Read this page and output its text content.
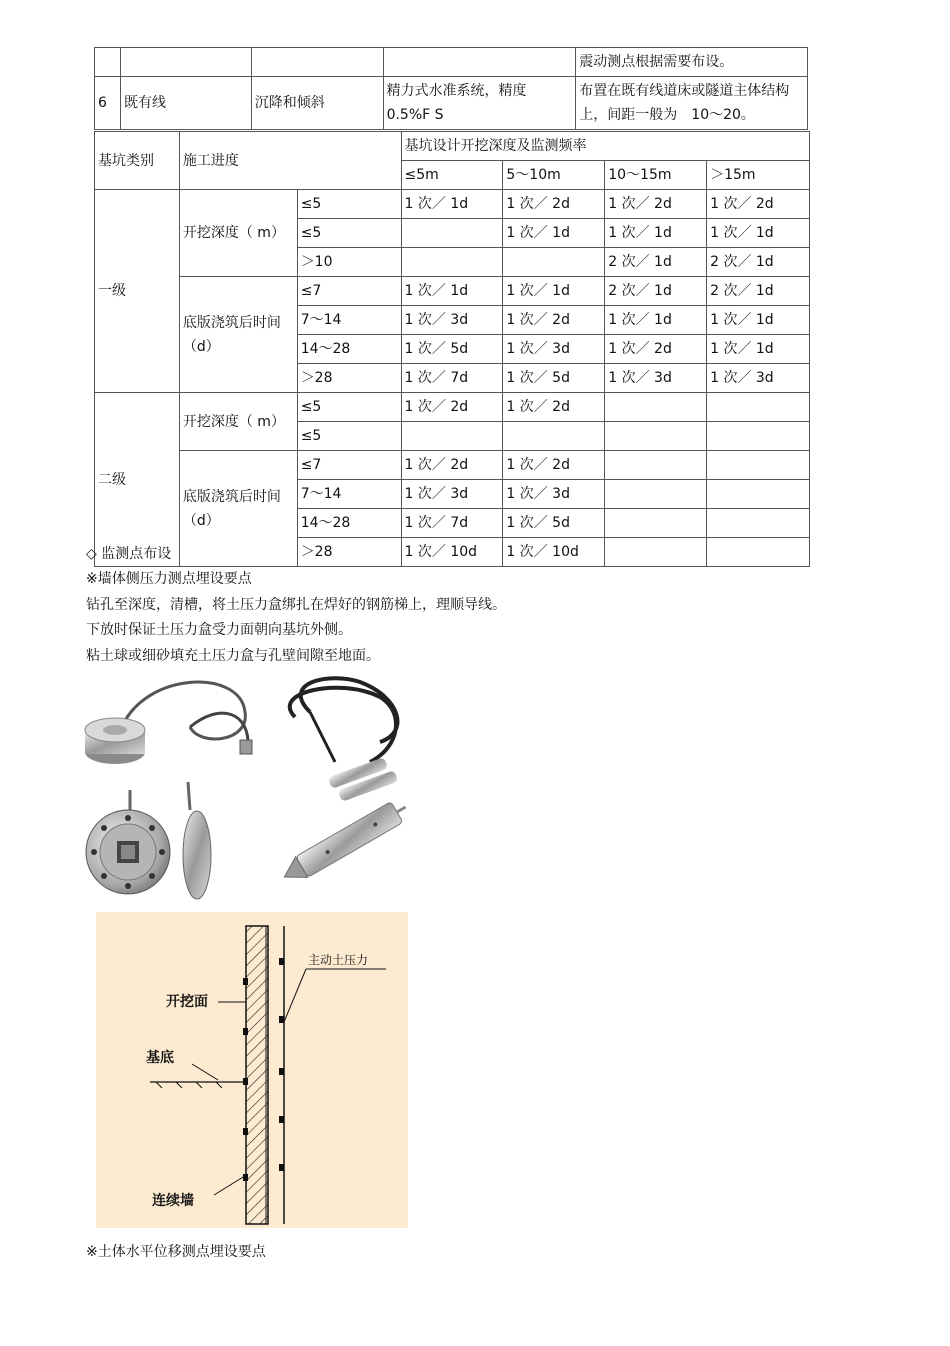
				震动测点根据需要布设。
6	既有线	沉降和倾斜	精力式水准系统，精度 0.5%F S	布置在既有线道床或隧道主体结构上，间距一般为　10～20。
基坑类别	施工进度		基坑设计开挖深度及监测频率			
			≤5m	5～10m	10～15m	＞15m
一级	开挖深度（ m）	≤5	1 次／ 1d	1 次／ 2d	1 次／ 2d	1 次／ 2d
		≤5		1 次／ 1d	1 次／ 1d	1 次／ 1d
		＞10			2 次／ 1d	2 次／ 1d
	底版浇筑后时间（d）	≤7	1 次／ 1d	1 次／ 1d	2 次／ 1d	2 次／ 1d
		7～14	1 次／ 3d	1 次／ 2d	1 次／ 1d	1 次／ 1d
		14～28	1 次／ 5d	1 次／ 3d	1 次／ 2d	1 次／ 1d
		＞28	1 次／ 7d	1 次／ 5d	1 次／ 3d	1 次／ 3d
二级	开挖深度（ m）	≤5	1 次／ 2d	1 次／ 2d		
		≤5				
	底版浇筑后时间（d）	≤7	1 次／ 2d	1 次／ 2d		
		7～14	1 次／ 3d	1 次／ 3d		
		14～28	1 次／ 7d	1 次／ 5d		
		＞28	1 次／ 10d	1 次／ 10d		
◇ 监测点布设
※墙体侧压力测点埋设要点
钻孔至深度，清槽，将土压力盒绑扎在焊好的钢筋梯上，理顺导线。
下放时保证土压力盒受力面朝向基坑外侧。
粘土球或细砂填充土压力盒与孔壁间隙至地面。
主动土压力
开挖面
基底
连续墙
※土体水平位移测点埋设要点
